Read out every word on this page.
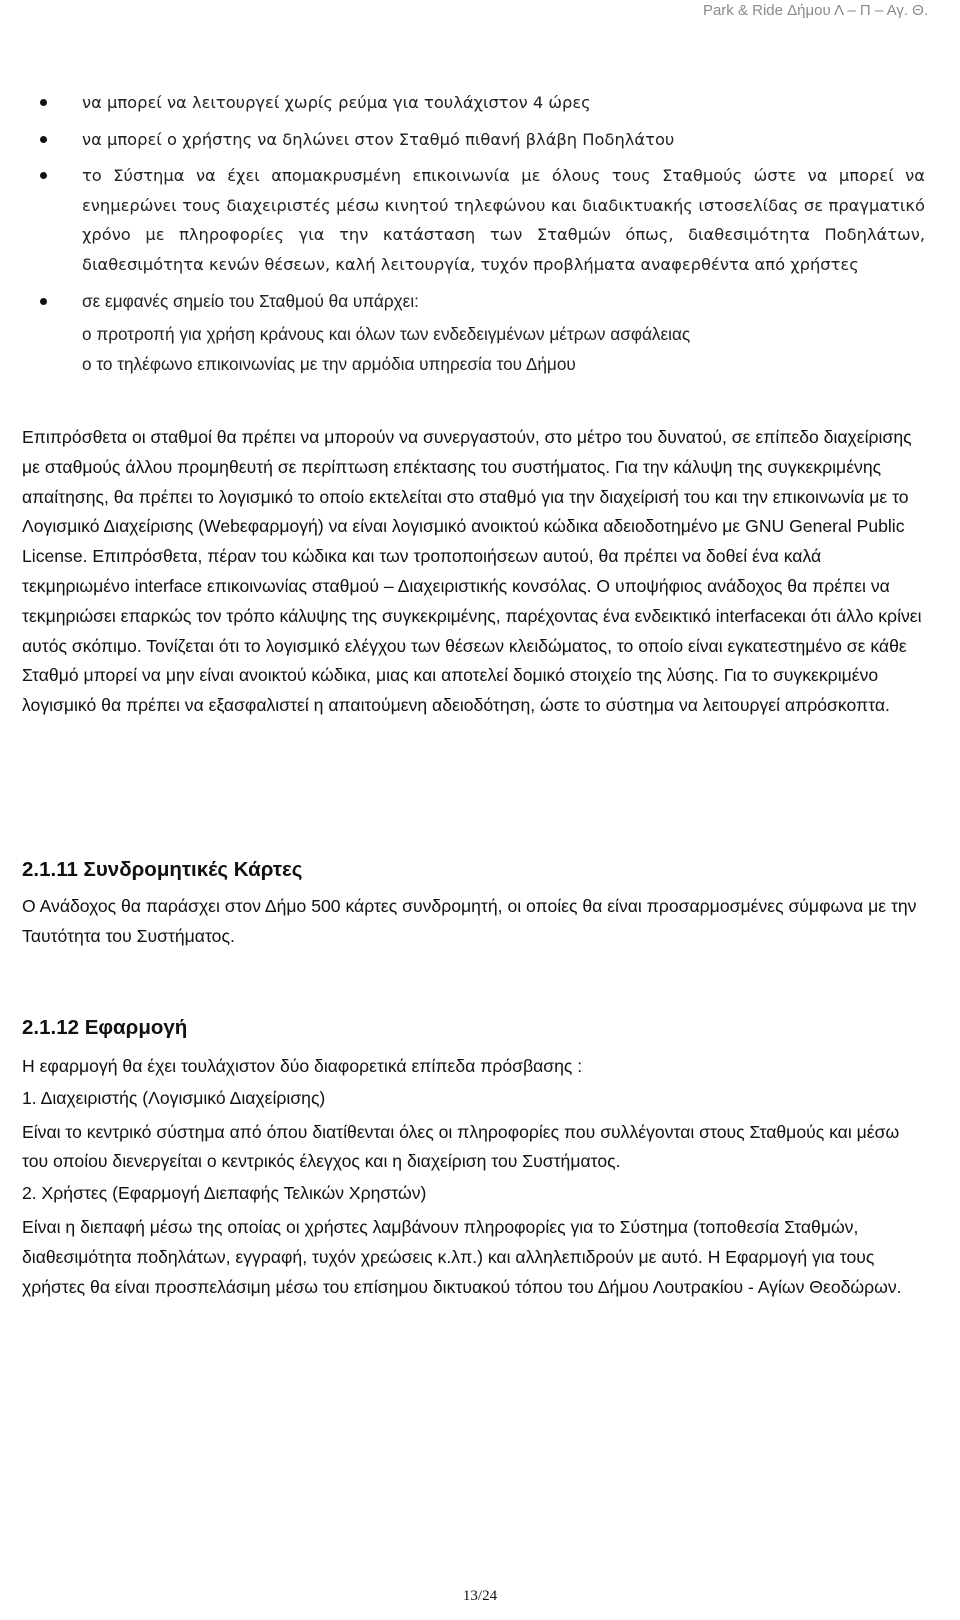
Park & Ride Δήμου Λ – Π – Αγ. Θ.
να μπορεί να λειτουργεί χωρίς ρεύμα για τουλάχιστον 4 ώρες
να μπορεί ο χρήστης να δηλώνει στον Σταθμό πιθανή βλάβη Ποδηλάτου
το Σύστημα να έχει απομακρυσμένη επικοινωνία με όλους τους Σταθμούς ώστε να μπορεί να ενημερώνει τους διαχειριστές μέσω κινητού τηλεφώνου και διαδικτυακής ιστοσελίδας σε πραγματικό χρόνο με πληροφορίες για την κατάσταση των Σταθμών όπως, διαθεσιμότητα Ποδηλάτων, διαθεσιμότητα κενών θέσεων, καλή λειτουργία, τυχόν προβλήματα αναφερθέντα από χρήστες
σε εμφανές σημείο του Σταθμού θα υπάρχει:
ο προτροπή για χρήση κράνους και όλων των ενδεδειγμένων μέτρων ασφάλειας
ο το τηλέφωνο επικοινωνίας με την αρμόδια υπηρεσία του Δήμου

Επιπρόσθετα οι σταθμοί θα πρέπει να μπορούν να συνεργαστούν, στο μέτρο του δυνατού, σε επίπεδο διαχείρισης με σταθμούς άλλου προμηθευτή σε περίπτωση επέκτασης του συστήματος. Για την κάλυψη της συγκεκριμένης απαίτησης, θα πρέπει το λογισμικό το οποίο εκτελείται στο σταθμό για την διαχείρισή του και την επικοινωνία με το Λογισμικό Διαχείρισης (Webεφαρμογή) να είναι λογισμικό ανοικτού κώδικα αδειοδοτημένο με GNU General Public License. Επιπρόσθετα, πέραν του κώδικα και των τροποποιήσεων αυτού, θα πρέπει να δοθεί ένα καλά τεκμηριωμένο interface επικοινωνίας σταθμού – Διαχειριστικής κονσόλας. Ο υποψήφιος ανάδοχος θα πρέπει να τεκμηριώσει επαρκώς τον τρόπο κάλυψης της συγκεκριμένης, παρέχοντας ένα ενδεικτικό interfaceκαι ότι άλλο κρίνει αυτός σκόπιμο. Τονίζεται ότι το λογισμικό ελέγχου των θέσεων κλειδώματος, το οποίο είναι εγκατεστημένο σε κάθε Σταθμό μπορεί να μην είναι ανοικτού κώδικα, μιας και αποτελεί δομικό στοιχείο της λύσης. Για το συγκεκριμένο λογισμικό θα πρέπει να εξασφαλιστεί η απαιτούμενη αδειοδότηση, ώστε το σύστημα να λειτουργεί απρόσκοπτα.

2.1.11 Συνδρομητικές Κάρτες

Ο Ανάδοχος θα παράσχει στον Δήμο 500 κάρτες συνδρομητή, οι οποίες θα είναι προσαρμοσμένες σύμφωνα με την Ταυτότητα του Συστήματος.

2.1.12 Εφαρμογή

Η εφαρμογή θα έχει τουλάχιστον δύο διαφορετικά επίπεδα πρόσβασης :

1. Διαχειριστής (Λογισμικό Διαχείρισης)

Είναι το κεντρικό σύστημα από όπου διατίθενται όλες οι πληροφορίες που συλλέγονται στους Σταθμούς και μέσω του οποίου διενεργείται ο κεντρικός έλεγχος και η διαχείριση του Συστήματος.

2. Χρήστες (Εφαρμογή Διεπαφής Τελικών Χρηστών)

Είναι η διεπαφή μέσω της οποίας οι χρήστες λαμβάνουν πληροφορίες για το Σύστημα (τοποθεσία Σταθμών, διαθεσιμότητα ποδηλάτων, εγγραφή, τυχόν χρεώσεις κ.λπ.) και αλληλεπιδρούν με αυτό. Η Εφαρμογή για τους χρήστες θα είναι προσπελάσιμη μέσω του επίσημου δικτυακού τόπου του Δήμου Λουτρακίου - Αγίων Θεοδώρων.

13/24
